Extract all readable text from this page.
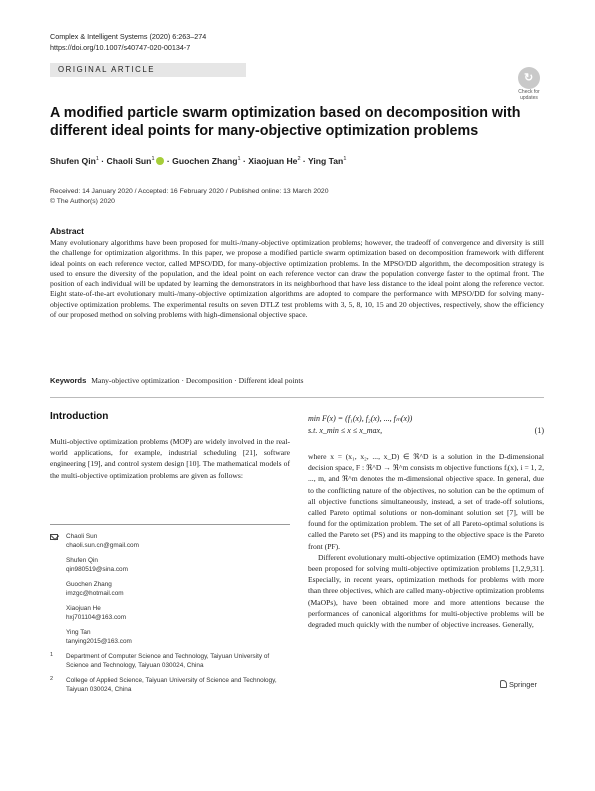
Complex & Intelligent Systems (2020) 6:263–274
https://doi.org/10.1007/s40747-020-00134-7
ORIGINAL ARTICLE
↻
Check for
updates
A modified particle swarm optimization based on decomposition with different ideal points for many-objective optimization problems
Shufen Qin$^1$ · Chaoli Sun$^1$ · Guochen Zhang$^1$ · Xiaojuan $He^2$ · Ying Tan$^1$
Received: 14 January 2020 / Accepted: 16 February 2020 / Published online: 13 March 2020
© The Author(s) 2020
Abstract
Many evolutionary algorithms have been proposed for multi-/many-objective optimization problems; however, the tradeoff of convergence and diversity is still the challenge for optimization algorithms. In this paper, we propose a modified particle swarm optimization based on decomposition framework with different ideal points on each reference vector, called MPSO/DD, for many-objective optimization problems. In the MPSO/DD algorithm, the decomposition strategy is used to ensure the diversity of the population, and the ideal point on each reference vector can draw the population converge faster to the optimal front. The position of each individual will be updated by learning the demonstrators in its neighborhood that have less distance to the ideal point along the reference vector. Eight state-of-the-art evolutionary multi-/many-objective optimization algorithms are adopted to compare the performance with MPSO/DD for solving many-objective optimization problems. The experimental results on seven DTLZ test problems with 3, 5, 8, 10, 15 and 20 objectives, respectively, show the efficiency of our proposed method on solving problems with high-dimensional objective space.
Keywords Many-objective optimization · Decomposition · Different ideal points
Introduction
Multi-objective optimization problems (MOP) are widely involved in the real-world applications, for example, industrial scheduling [21], software engineering [19], and control system design [10]. The mathematical models of the multi-objective optimization problems are given as follows:
Chaoli Sun
chaoli.sun.cn@gmail.com
Shufen Qin
qin980519@sina.com
Guochen Zhang
imzgc@hotmail.com
Xiaojuan He
hxj701104@163.com
Ying Tan
tanying2015@163.com
1 Department of Computer Science and Technology, Taiyuan University of Science and Technology, Taiyuan 030024, China
2 College of Applied Science, Taiyuan University of Science and Technology, Taiyuan 030024, China
min F(x) = (f₁(x), f₂(x), ..., fₘ(x))
s.t. x_min ≤ x ≤ x_max,	(1)

where x = (x₁, x₂, ..., x_D) ∈ ℜ^D is a solution in the D-dimensional decision space, F : ℜ^D → ℜ^m consists m objective functions fᵢ(x), i = 1, 2, ..., m, and ℜ^m denotes the m-dimensional objective space. In general, due to the conflicting nature of the objectives, no solution can be the optimum of all objective functions simultaneously, instead, a set of trade-off solutions, called Pareto optimal solutions or non-dominant solution set [7], will be found for the optimization problem. The set of all Pareto-optimal solutions is called the Pareto set (PS) and its mapping to the objective space is the Pareto front (PF).

Different evolutionary multi-objective optimization (EMO) methods have been proposed for solving multi-objective optimization problems [1,2,9,31]. Especially, in recent years, optimization methods for problems with more than three objectives, which are called many-objective optimization problems (MaOPs), have been obtained more and more attentions because the performances of canonical algorithms for multi-objective problems will be degraded much quickly with the number of objective increases. Generally,

Springer
